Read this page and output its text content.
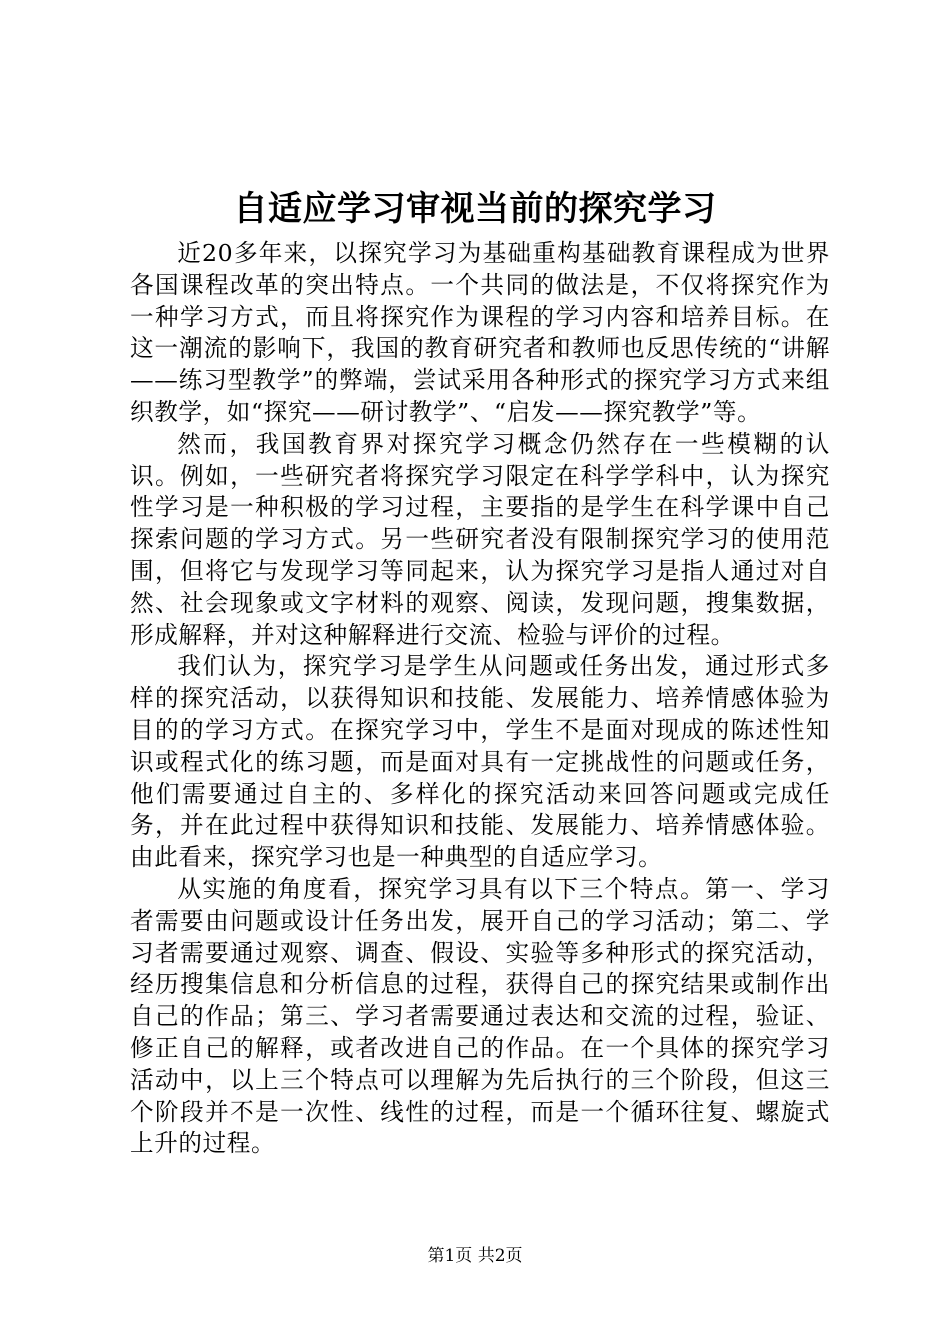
自适应学习审视当前的探究学习

近20多年来，以探究学习为基础重构基础教育课程成为世界各国课程改革的突出特点。一个共同的做法是，不仅将探究作为一种学习方式，而且将探究作为课程的学习内容和培养目标。在这一潮流的影响下，我国的教育研究者和教师也反思传统的“讲解——练习型教学”的弊端，尝试采用各种形式的探究学习方式来组织教学，如“探究——研讨教学”、“启发——探究教学”等。

然而，我国教育界对探究学习概念仍然存在一些模糊的认识。例如，一些研究者将探究学习限定在科学学科中，认为探究性学习是一种积极的学习过程，主要指的是学生在科学课中自己探索问题的学习方式。另一些研究者没有限制探究学习的使用范围，但将它与发现学习等同起来，认为探究学习是指人通过对自然、社会现象或文字材料的观察、阅读，发现问题，搜集数据，形成解释，并对这种解释进行交流、检验与评价的过程。

我们认为，探究学习是学生从问题或任务出发，通过形式多样的探究活动，以获得知识和技能、发展能力、培养情感体验为目的的学习方式。在探究学习中，学生不是面对现成的陈述性知识或程式化的练习题，而是面对具有一定挑战性的问题或任务，他们需要通过自主的、多样化的探究活动来回答问题或完成任务，并在此过程中获得知识和技能、发展能力、培养情感体验。由此看来，探究学习也是一种典型的自适应学习。

从实施的角度看，探究学习具有以下三个特点。第一、学习者需要由问题或设计任务出发，展开自己的学习活动；第二、学习者需要通过观察、调查、假设、实验等多种形式的探究活动，经历搜集信息和分析信息的过程，获得自己的探究结果或制作出自己的作品；第三、学习者需要通过表达和交流的过程，验证、修正自己的解释，或者改进自己的作品。在一个具体的探究学习活动中，以上三个特点可以理解为先后执行的三个阶段，但这三个阶段并不是一次性、线性的过程，而是一个循环往复、螺旋式上升的过程。

第1页 共2页
